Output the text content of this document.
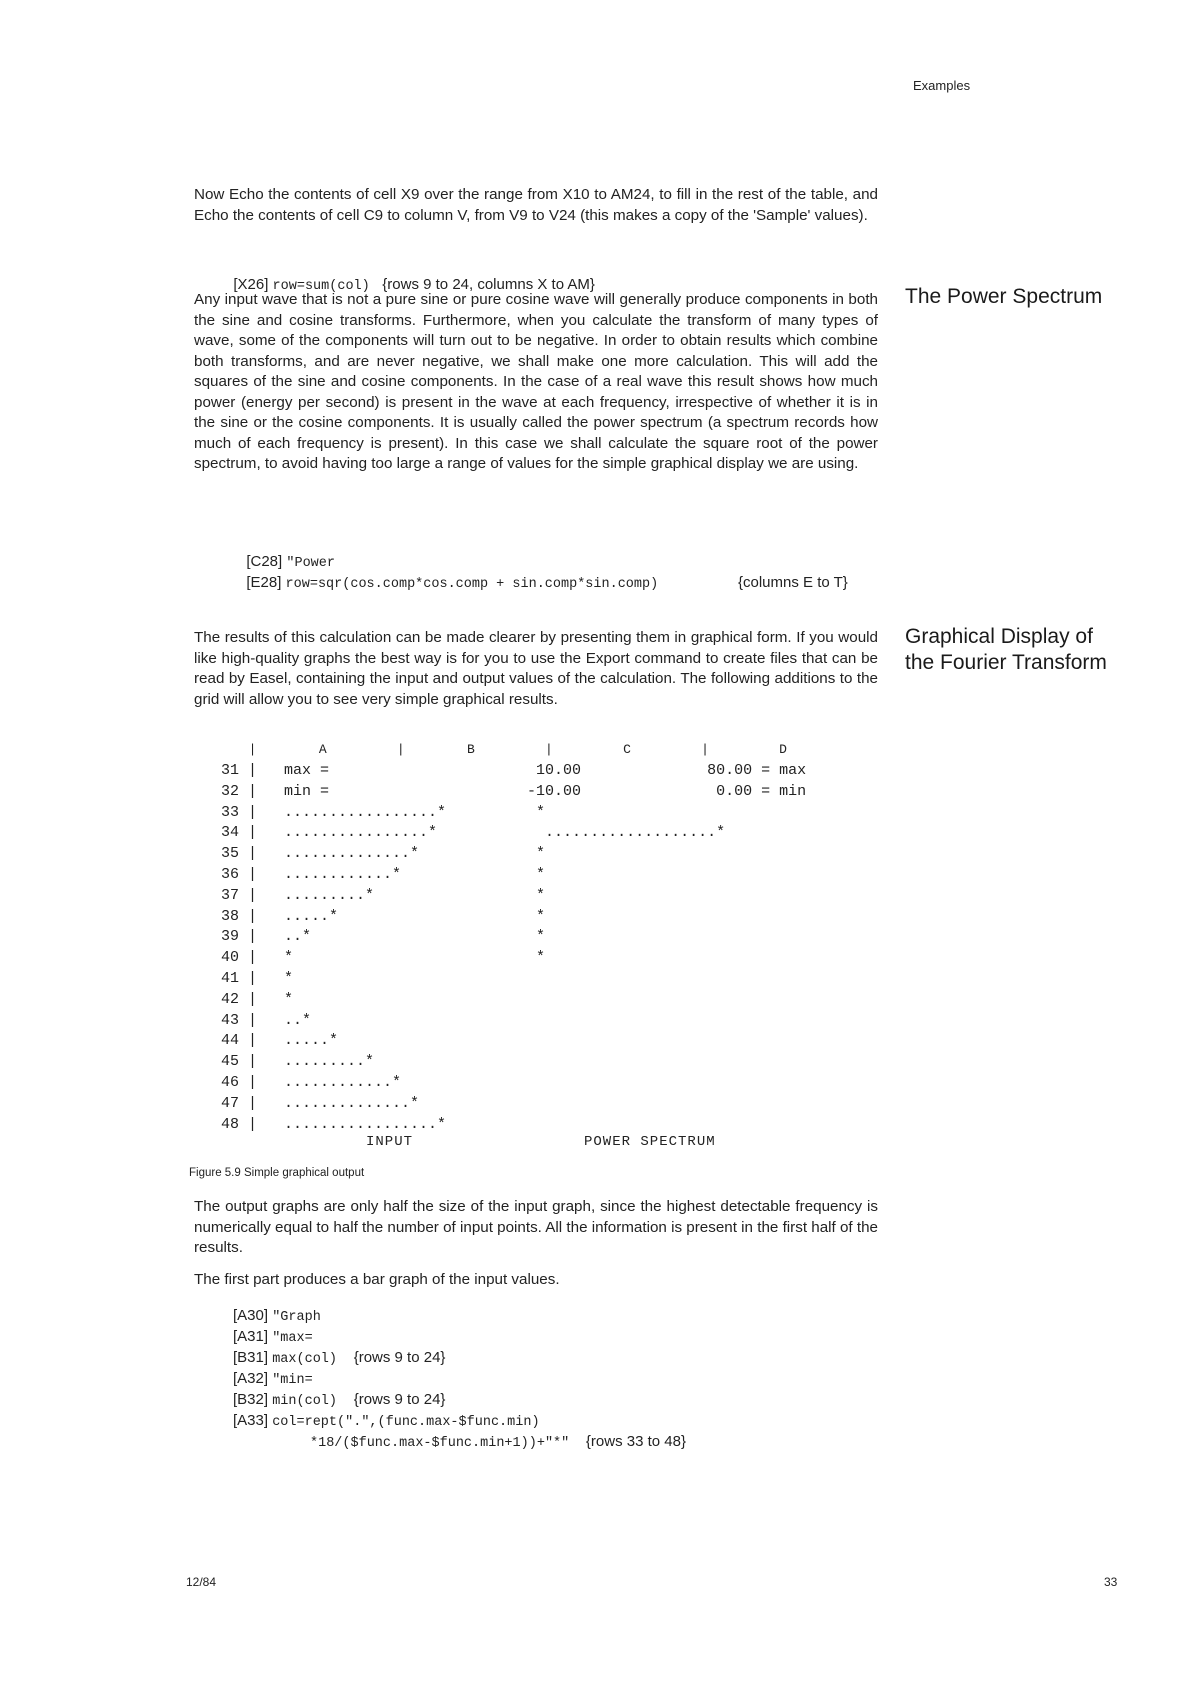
Examples

Now Echo the contents of cell X9 over the range from X10 to AM24, to fill in the rest of the table, and Echo the contents of cell C9 to column V, from V9 to V24 (this makes a copy of the 'Sample' values).

[X26] row=sum(col) {rows 9 to 24, columns X to AM}

The Power Spectrum

Any input wave that is not a pure sine or pure cosine wave will generally produce components in both the sine and cosine transforms. Furthermore, when you calculate the transform of many types of wave, some of the components will turn out to be negative. In order to obtain results which combine both transforms, and are never negative, we shall make one more calculation. This will add the squares of the sine and cosine components. In the case of a real wave this result shows how much power (energy per second) is present in the wave at each frequency, irrespective of whether it is in the sine or the cosine components. It is usually called the power spectrum (a spectrum records how much of each frequency is present). In this case we shall calculate the square root of the power spectrum, to avoid having too large a range of values for the simple graphical display we are using.

[C28] "Power

[E28] row=sqr(cos.comp*cos.comp + sin.comp*sin.comp)	{columns E to T}
Graphical Display of
the Fourier Transform

The results of this calculation can be made clearer by presenting them in graphical form. If you would like high-quality graphs the best way is for you to use the Export command to create files that can be read by Easel, containing the input and output values of the calculation. The following additions to the grid will allow you to see very simple graphical results.

|        A         |        B         |         C         |         D
31 |   max =                       10.00              80.00 = max
32 |   min =                      -10.00               0.00 = min
33 |   .................*          *
34 |   ................*            ...................*
35 |   ..............*             *
36 |   ............*               *
37 |   .........*                  *
38 |   .....*                      *
39 |   ..*                         *
40 |   *                           *
41 |   *
42 |   *
43 |   ..*
44 |   .....*
45 |   .........*
46 |   ............*
47 |   ..............*
48 |   .................*
INPUT	POWER SPECTRUM
Figure 5.9 Simple graphical output

The output graphs are only half the size of the input graph, since the highest detectable frequency is numerically equal to half the number of input points. All the information is present in the first half of the results.

The first part produces a bar graph of the input values.

[A30] "Graph
[A31] "max=
[B31] max(col) {rows 9 to 24}
[A32] "min=
[B32] min(col) {rows 9 to 24}
[A33] col=rept(".",(func.max-$func.min)
*18/($func.max-$func.min+1))+"*" {rows 33 to 48}
12/84	33
